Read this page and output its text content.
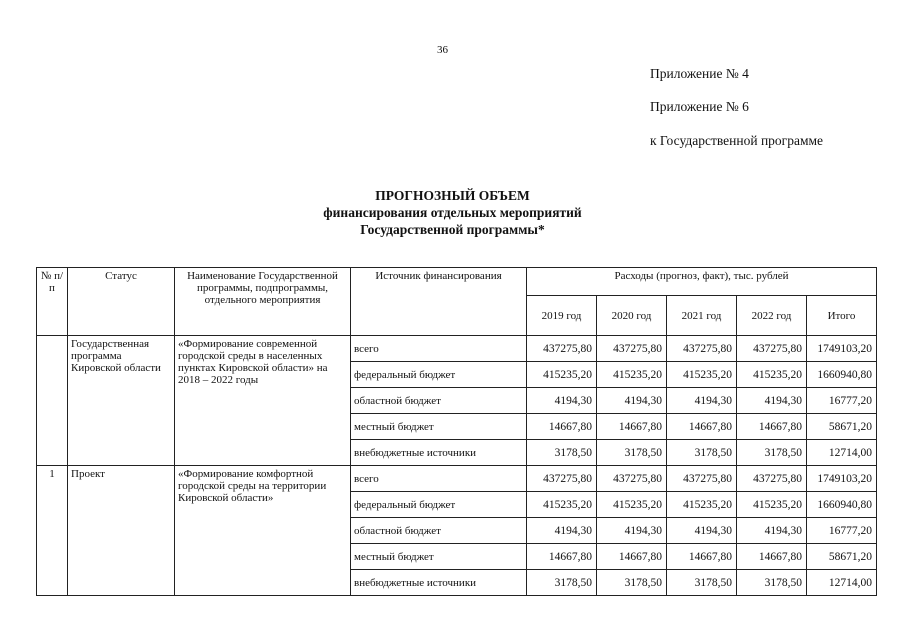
36
Приложение № 4
Приложение № 6
к Государственной программе
ПРОГНОЗНЫЙ ОБЪЕМ
финансирования отдельных мероприятий
Государственной программы*
№ п/п	Статус	Наименование Государственной программы, подпрограммы, отдельного мероприятия	Источник финансирования	Расходы (прогноз, факт), тыс. рублей				
				2019 год	2020 год	2021 год	2022 год	Итого
	Государственная программа Кировской области	«Формирование современной городской среды в населенных пунктах Кировской области» на 2018 – 2022 годы	всего	437275,80	437275,80	437275,80	437275,80	1749103,20
			федеральный бюджет	415235,20	415235,20	415235,20	415235,20	1660940,80
			областной бюджет	4194,30	4194,30	4194,30	4194,30	16777,20
			местный бюджет	14667,80	14667,80	14667,80	14667,80	58671,20
			внебюджетные источники	3178,50	3178,50	3178,50	3178,50	12714,00
1	Проект	«Формирование комфортной городской среды на территории Кировской области»	всего	437275,80	437275,80	437275,80	437275,80	1749103,20
			федеральный бюджет	415235,20	415235,20	415235,20	415235,20	1660940,80
			областной бюджет	4194,30	4194,30	4194,30	4194,30	16777,20
			местный бюджет	14667,80	14667,80	14667,80	14667,80	58671,20
			внебюджетные источники	3178,50	3178,50	3178,50	3178,50	12714,00
